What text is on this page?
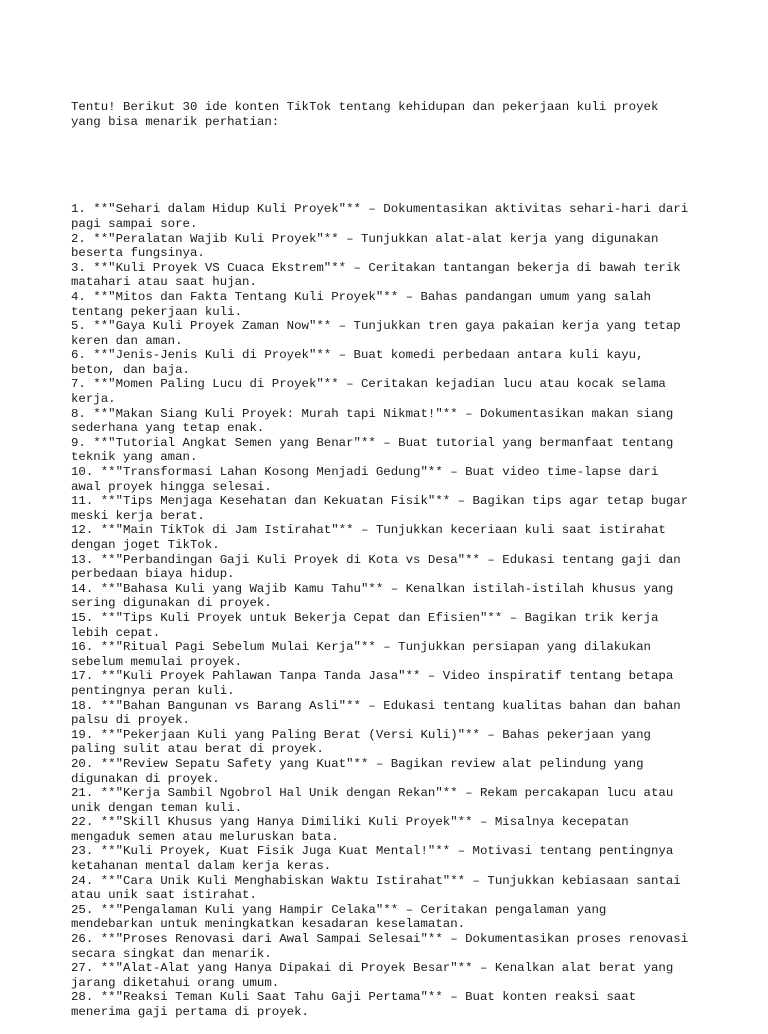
Tentu! Berikut 30 ide konten TikTok tentang kehidupan dan pekerjaan kuli proyek
yang bisa menarik perhatian:

1. **"Sehari dalam Hidup Kuli Proyek"** – Dokumentasikan aktivitas sehari-hari dari
pagi sampai sore.
2. **"Peralatan Wajib Kuli Proyek"** – Tunjukkan alat-alat kerja yang digunakan
beserta fungsinya.
3. **"Kuli Proyek VS Cuaca Ekstrem"** – Ceritakan tantangan bekerja di bawah terik
matahari atau saat hujan.
4. **"Mitos dan Fakta Tentang Kuli Proyek"** – Bahas pandangan umum yang salah
tentang pekerjaan kuli.
5. **"Gaya Kuli Proyek Zaman Now"** – Tunjukkan tren gaya pakaian kerja yang tetap
keren dan aman.
6. **"Jenis-Jenis Kuli di Proyek"** – Buat komedi perbedaan antara kuli kayu,
beton, dan baja.
7. **"Momen Paling Lucu di Proyek"** – Ceritakan kejadian lucu atau kocak selama
kerja.
8. **"Makan Siang Kuli Proyek: Murah tapi Nikmat!"** – Dokumentasikan makan siang
sederhana yang tetap enak.
9. **"Tutorial Angkat Semen yang Benar"** – Buat tutorial yang bermanfaat tentang
teknik yang aman.
10. **"Transformasi Lahan Kosong Menjadi Gedung"** – Buat video time-lapse dari
awal proyek hingga selesai.
11. **"Tips Menjaga Kesehatan dan Kekuatan Fisik"** – Bagikan tips agar tetap bugar
meski kerja berat.
12. **"Main TikTok di Jam Istirahat"** – Tunjukkan keceriaan kuli saat istirahat
dengan joget TikTok.
13. **"Perbandingan Gaji Kuli Proyek di Kota vs Desa"** – Edukasi tentang gaji dan
perbedaan biaya hidup.
14. **"Bahasa Kuli yang Wajib Kamu Tahu"** – Kenalkan istilah-istilah khusus yang
sering digunakan di proyek.
15. **"Tips Kuli Proyek untuk Bekerja Cepat dan Efisien"** – Bagikan trik kerja
lebih cepat.
16. **"Ritual Pagi Sebelum Mulai Kerja"** – Tunjukkan persiapan yang dilakukan
sebelum memulai proyek.
17. **"Kuli Proyek Pahlawan Tanpa Tanda Jasa"** – Video inspiratif tentang betapa
pentingnya peran kuli.
18. **"Bahan Bangunan vs Barang Asli"** – Edukasi tentang kualitas bahan dan bahan
palsu di proyek.
19. **"Pekerjaan Kuli yang Paling Berat (Versi Kuli)"** – Bahas pekerjaan yang
paling sulit atau berat di proyek.
20. **"Review Sepatu Safety yang Kuat"** – Bagikan review alat pelindung yang
digunakan di proyek.
21. **"Kerja Sambil Ngobrol Hal Unik dengan Rekan"** – Rekam percakapan lucu atau
unik dengan teman kuli.
22. **"Skill Khusus yang Hanya Dimiliki Kuli Proyek"** – Misalnya kecepatan
mengaduk semen atau meluruskan bata.
23. **"Kuli Proyek, Kuat Fisik Juga Kuat Mental!"** – Motivasi tentang pentingnya
ketahanan mental dalam kerja keras.
24. **"Cara Unik Kuli Menghabiskan Waktu Istirahat"** – Tunjukkan kebiasaan santai
atau unik saat istirahat.
25. **"Pengalaman Kuli yang Hampir Celaka"** – Ceritakan pengalaman yang
mendebarkan untuk meningkatkan kesadaran keselamatan.
26. **"Proses Renovasi dari Awal Sampai Selesai"** – Dokumentasikan proses renovasi
secara singkat dan menarik.
27. **"Alat-Alat yang Hanya Dipakai di Proyek Besar"** – Kenalkan alat berat yang
jarang diketahui orang umum.
28. **"Reaksi Teman Kuli Saat Tahu Gaji Pertama"** – Buat konten reaksi saat
menerima gaji pertama di proyek.
